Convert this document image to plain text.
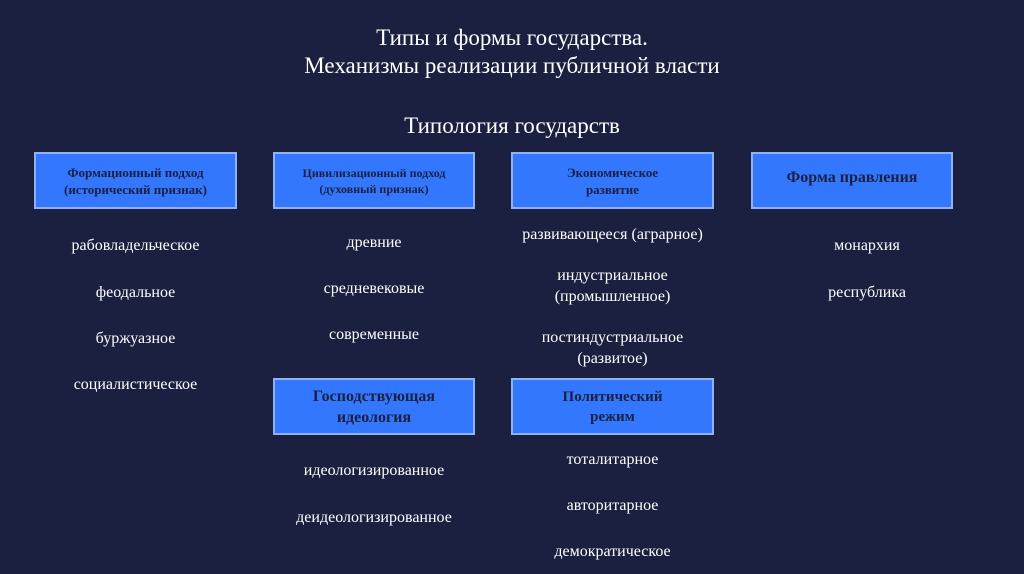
Типы и формы государства.
Механизмы реализации публичной власти
Типология государств
Формационный подход
(исторический признак)
рабовладельческое
феодальное
буржуазное
социалистическое
Цивилизационный подход
(духовный признак)
древние
средневековые
современные
Экономическое
развитие
развивающееся (аграрное)
индустриальное
(промышленное)
постиндустриальное
(развитое)
Форма правления
монархия
республика
Господствующая
идеология
идеологизированное
деидеологизированное
Политический
режим
тоталитарное
авторитарное
демократическое
